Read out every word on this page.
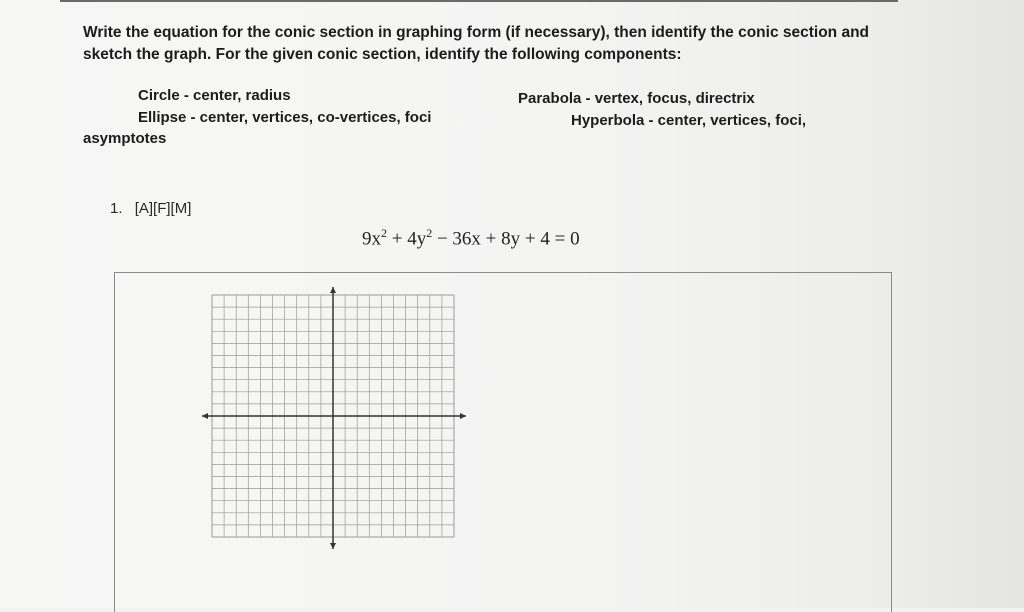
Write the equation for the conic section in graphing form (if necessary), then identify the conic section and sketch the graph. For the given conic section, identify the following components:
Circle - center, radius	Parabola - vertex, focus, directrix
Ellipse - center, vertices, co-vertices, foci	Hyperbola - center, vertices, foci,
asymptotes
1. [A][F][M]
$9x^2 + 4y^2 - 36x + 8y + 4 = 0$
